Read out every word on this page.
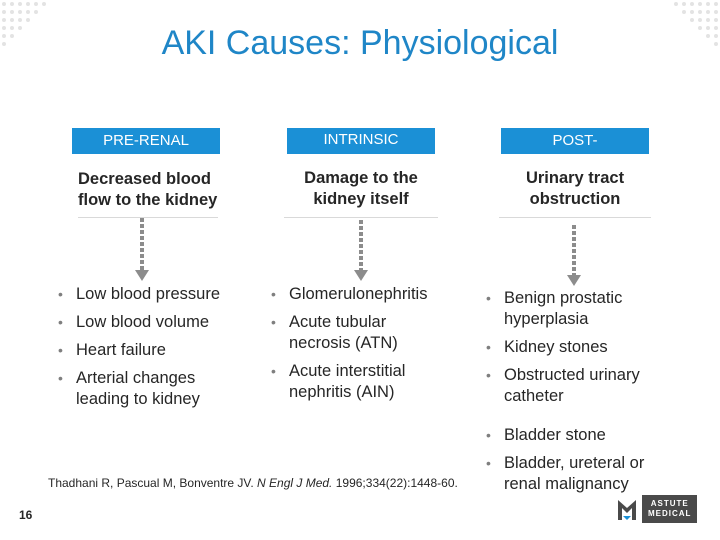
AKI Causes: Physiological
PRE-RENAL
Decreased blood flow to the kidney
• Low blood pressure
• Low blood volume
• Heart failure
• Arterial changes leading to kidney
INTRINSIC RENAL
Damage to the kidney itself
• Glomerulonephritis
• Acute tubular necrosis (ATN)
• Acute interstitial nephritis (AIN)
POST-
Urinary tract obstruction
• Benign prostatic hyperplasia
• Kidney stones
• Obstructed urinary catheter
• Bladder stone
• Bladder, ureteral or renal malignancy
16
Thadhani R, Pascual M, Bonventre JV. N Engl J Med. 1996;334(22):1448-60.
ASTUTE
MEDICAL
